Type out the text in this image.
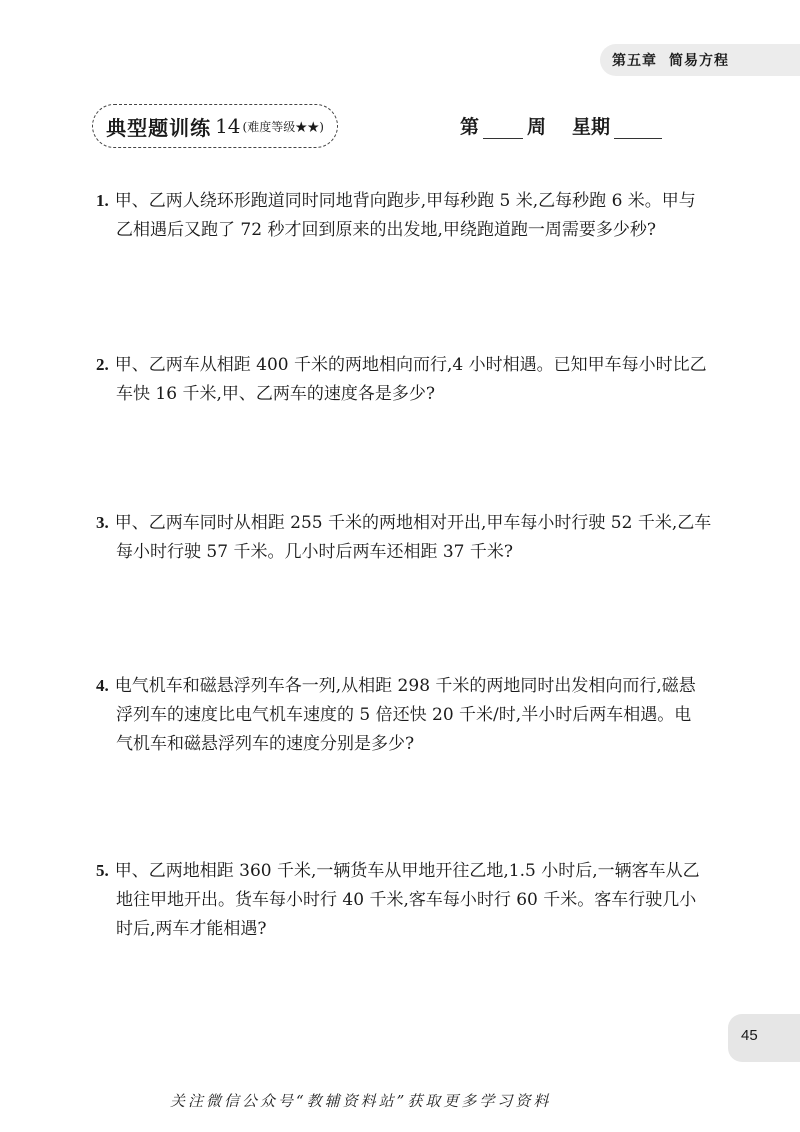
第五章 简易方程
典型题训练 14 (难度等级★★)	第	周 星期
1. 甲、乙两人绕环形跑道同时同地背向跑步,甲每秒跑 5 米,乙每秒跑 6 米。甲与
乙相遇后又跑了 72 秒才回到原来的出发地,甲绕跑道跑一周需要多少秒?
2. 甲、乙两车从相距 400 千米的两地相向而行,4 小时相遇。已知甲车每小时比乙
车快 16 千米,甲、乙两车的速度各是多少?
3. 甲、乙两车同时从相距 255 千米的两地相对开出,甲车每小时行驶 52 千米,乙车
每小时行驶 57 千米。几小时后两车还相距 37 千米?
4. 电气机车和磁悬浮列车各一列,从相距 298 千米的两地同时出发相向而行,磁悬
浮列车的速度比电气机车速度的 5 倍还快 20 千米/时,半小时后两车相遇。电
气机车和磁悬浮列车的速度分别是多少?
5. 甲、乙两地相距 360 千米,一辆货车从甲地开往乙地,1.5 小时后,一辆客车从乙
地往甲地开出。货车每小时行 40 千米,客车每小时行 60 千米。客车行驶几小
时后,两车才能相遇?
45
关注微信公众号“教辅资料站”获取更多学习资料
